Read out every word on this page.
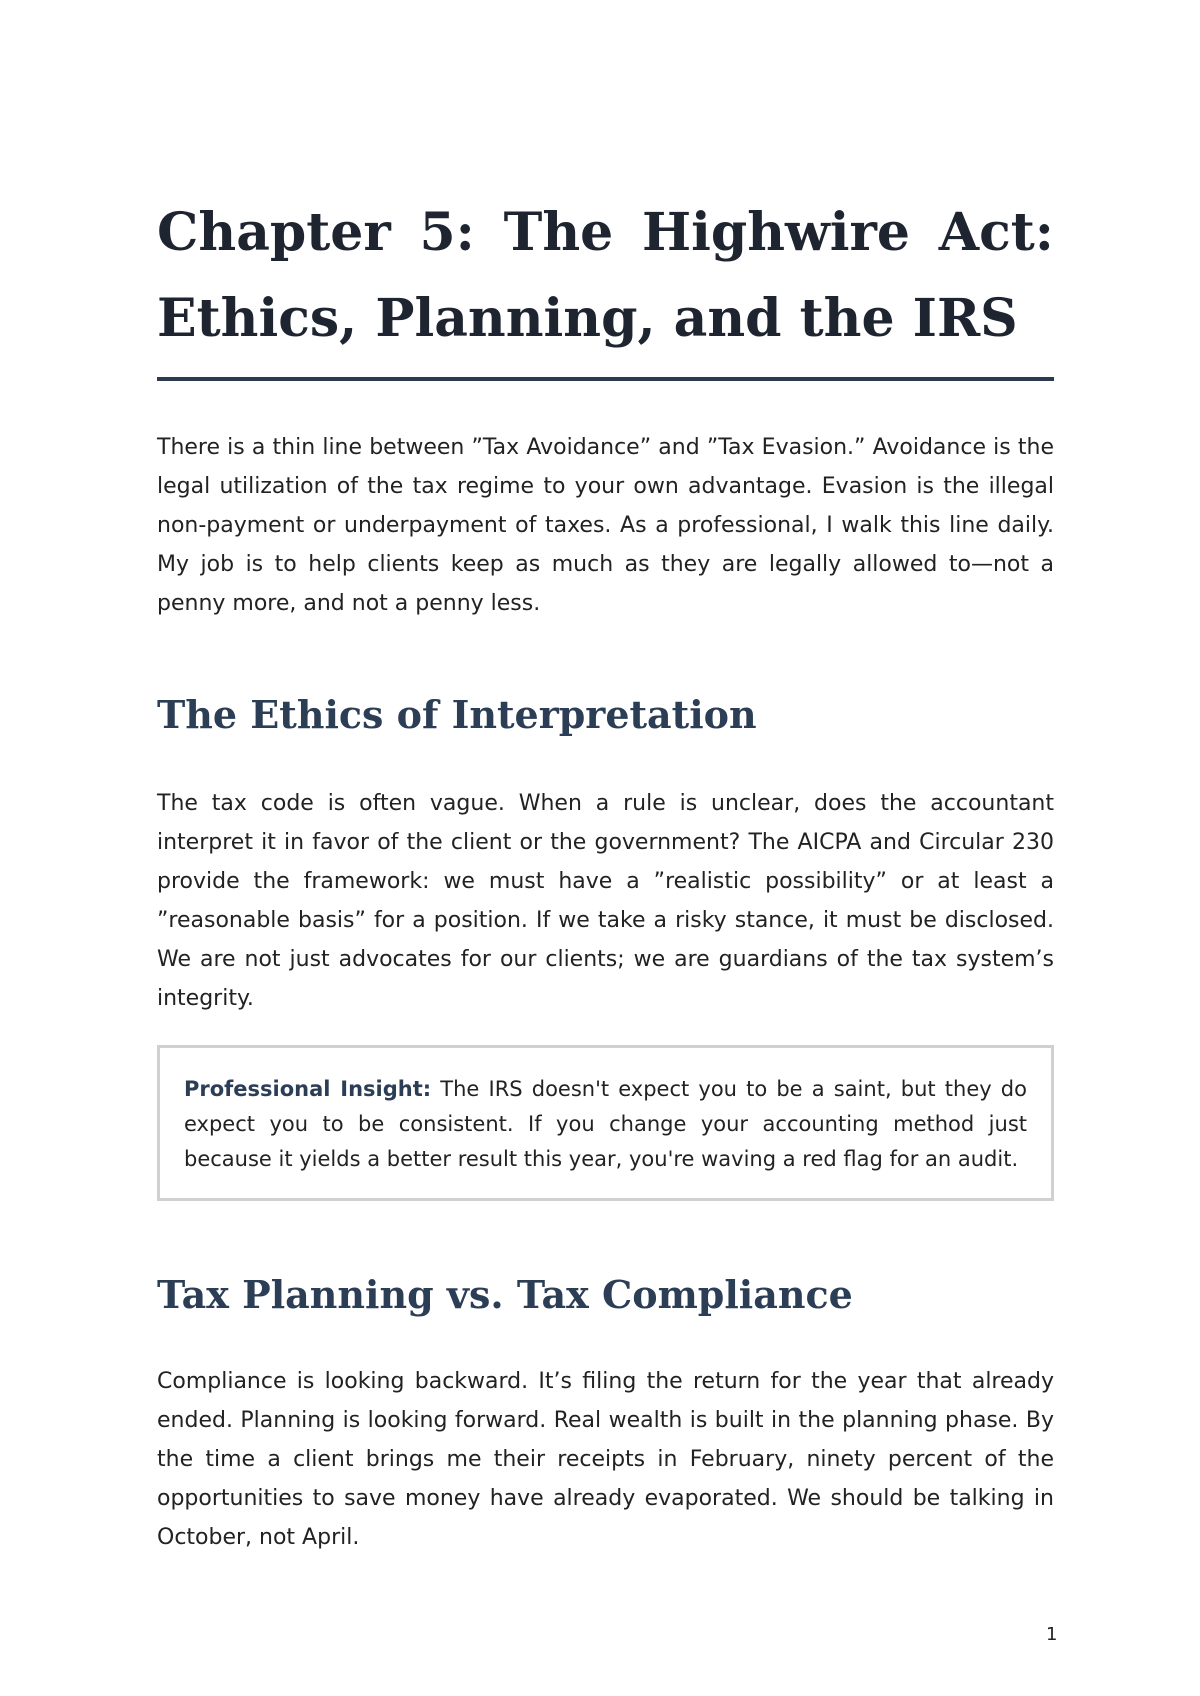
Chapter 5: The Highwire Act: Ethics, Planning, and the IRS

There is a thin line between ”Tax Avoidance” and ”Tax Evasion.” Avoidance is the legal utilization of the tax regime to your own advantage. Evasion is the illegal non-payment or underpayment of taxes. As a professional, I walk this line daily. My job is to help clients keep as much as they are legally allowed to—not a penny more, and not a penny less.

The Ethics of Interpretation

The tax code is often vague. When a rule is unclear, does the accountant interpret it in favor of the client or the government? The AICPA and Circular 230 provide the framework: we must have a ”realistic possibility” or at least a ”reasonable basis” for a position. If we take a risky stance, it must be disclosed. We are not just advocates for our clients; we are guardians of the tax system’s integrity.

Professional Insight: The IRS doesn't expect you to be a saint, but they do expect you to be consistent. If you change your accounting method just because it yields a better result this year, you're waving a red flag for an audit.
Tax Planning vs. Tax Compliance

Compliance is looking backward. It’s filing the return for the year that already ended. Planning is looking forward. Real wealth is built in the planning phase. By the time a client brings me their receipts in February, ninety percent of the opportunities to save money have already evaporated. We should be talking in October, not April.

1
